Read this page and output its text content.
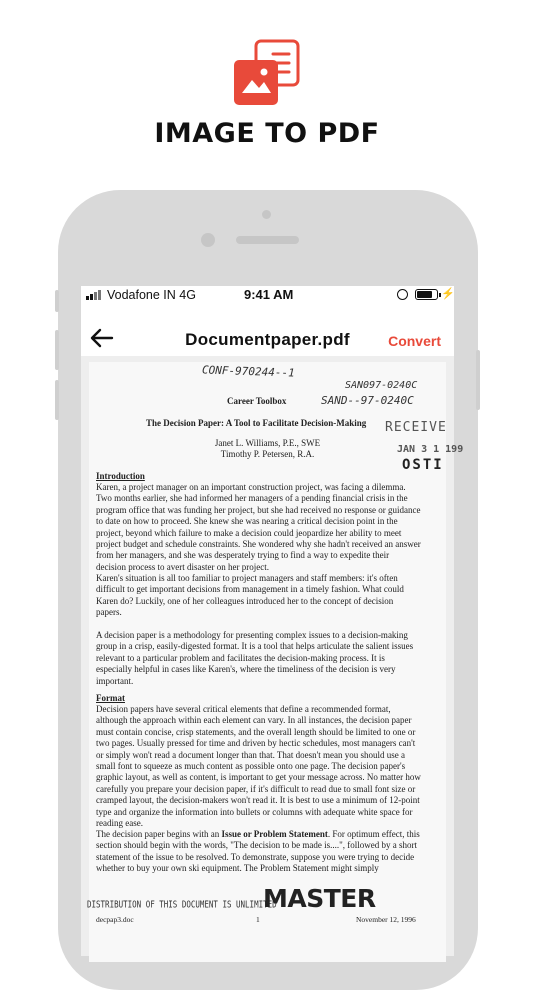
IMAGE TO PDF
Vodafone IN 4G	9:41 AM	⚡
Documentpaper.pdf	Convert
CONF-970244--1
SAN097-0240C
SAND--97-0240C
Career Toolbox
The Decision Paper: A Tool to Facilitate Decision-Making RECEIVE
JAN 3 1 199
OSTI
Janet L. Williams, P.E., SWE
Timothy P. Petersen, R.A.
Introduction
Karen, a project manager on an important construction project, was facing a dilemma. Two months earlier, she had informed her managers of a pending financial crisis in the program office that was funding her project, but she had received no response or guidance to date on how to proceed. She knew she was nearing a critical decision point in the project, beyond which failure to make a decision could jeopardize her ability to meet project budget and schedule constraints. She wondered why she hadn't received an answer from her managers, and she was desperately trying to find a way to expedite their decision process to avert disaster on her project.
Karen's situation is all too familiar to project managers and staff members: it's often difficult to get important decisions from management in a timely fashion. What could Karen do? Luckily, one of her colleagues introduced her to the concept of decision papers.
A decision paper is a methodology for presenting complex issues to a decision-making group in a crisp, easily-digested format. It is a tool that helps articulate the salient issues relevant to a particular problem and facilitates the decision-making process. It is especially helpful in cases like Karen's, where the timeliness of the decision is very important.
Format
Decision papers have several critical elements that define a recommended format, although the approach within each element can vary. In all instances, the decision paper must contain concise, crisp statements, and the overall length should be limited to one or two pages. Usually pressed for time and driven by hectic schedules, most managers can't or simply won't read a document longer than that. That doesn't mean you should use a small font to squeeze as much content as possible onto one page. The decision paper's graphic layout, as well as content, is important to get your message across. No matter how carefully you prepare your decision paper, if it's difficult to read due to small font size or cramped layout, the decision-makers won't read it. It is best to use a minimum of 12-point type and organize the information into bullets or columns with adequate white space for reading ease.
The decision paper begins with an Issue or Problem Statement. For optimum effect, this section should begin with the words, "The decision to be made is....", followed by a short statement of the issue to be resolved. To demonstrate, suppose you were trying to decide whether to buy your own ski equipment. The Problem Statement might simply
DISTRIBUTION OF THIS DOCUMENT IS UNLIMITED
MASTER
decpap3.doc	1	November 12, 1996
